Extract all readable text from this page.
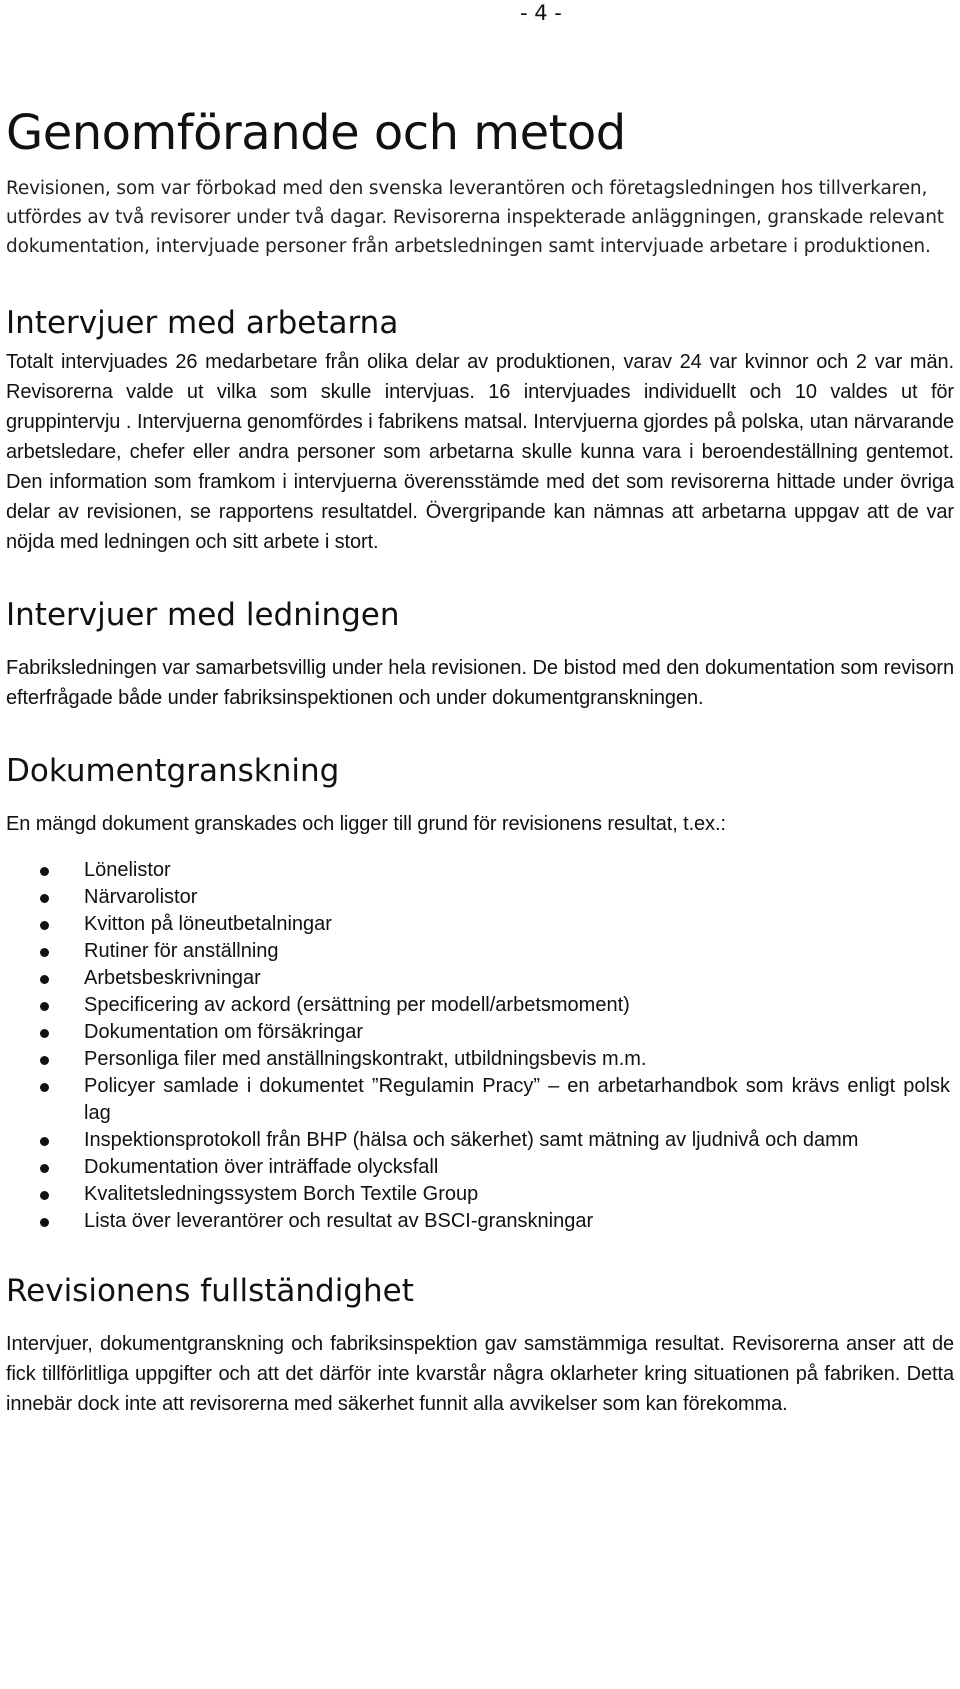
- 4 -
Genomförande och metod

Revisionen, som var förbokad med den svenska leverantören och företagsledningen hos tillverkaren, utfördes av två revisorer under två dagar. Revisorerna inspekterade anläggningen, granskade relevant dokumentation, intervjuade personer från arbetsledningen samt intervjuade arbetare i produktionen.

Intervjuer med arbetarna

Totalt intervjuades 26 medarbetare från olika delar av produktionen, varav 24 var kvinnor och 2 var män. Revisorerna valde ut vilka som skulle intervjuas. 16 intervjuades individuellt och 10 valdes ut för gruppintervju . Intervjuerna genomfördes i fabrikens matsal. Intervjuerna gjordes på polska, utan närvarande arbetsledare, chefer eller andra personer som arbetarna skulle kunna vara i beroendeställning gentemot. Den information som framkom i intervjuerna överensstämde med det som revisorerna hittade under övriga delar av revisionen, se rapportens resultatdel. Övergripande kan nämnas att arbetarna uppgav att de var nöjda med ledningen och sitt arbete i stort.

Intervjuer med ledningen

Fabriksledningen var samarbetsvillig under hela revisionen. De bistod med den dokumentation som revisorn efterfrågade både under fabriksinspektionen och under dokumentgranskningen.

Dokumentgranskning

En mängd dokument granskades och ligger till grund för revisionens resultat, t.ex.:

Lönelistor
Närvarolistor
Kvitton på löneutbetalningar
Rutiner för anställning
Arbetsbeskrivningar
Specificering av ackord (ersättning per modell/arbetsmoment)
Dokumentation om försäkringar
Personliga filer med anställningskontrakt, utbildningsbevis m.m.
Policyer samlade i dokumentet ”Regulamin Pracy” – en arbetarhandbok som krävs enligt polsk lag
Inspektionsprotokoll från BHP (hälsa och säkerhet) samt mätning av ljudnivå och damm
Dokumentation över inträffade olycksfall
Kvalitetsledningssystem Borch Textile Group
Lista över leverantörer och resultat av BSCI-granskningar
Revisionens fullständighet

Intervjuer, dokumentgranskning och fabriksinspektion gav samstämmiga resultat. Revisorerna anser att de fick tillförlitliga uppgifter och att det därför inte kvarstår några oklarheter kring situationen på fabriken. Detta innebär dock inte att revisorerna med säkerhet funnit alla avvikelser som kan förekomma.
